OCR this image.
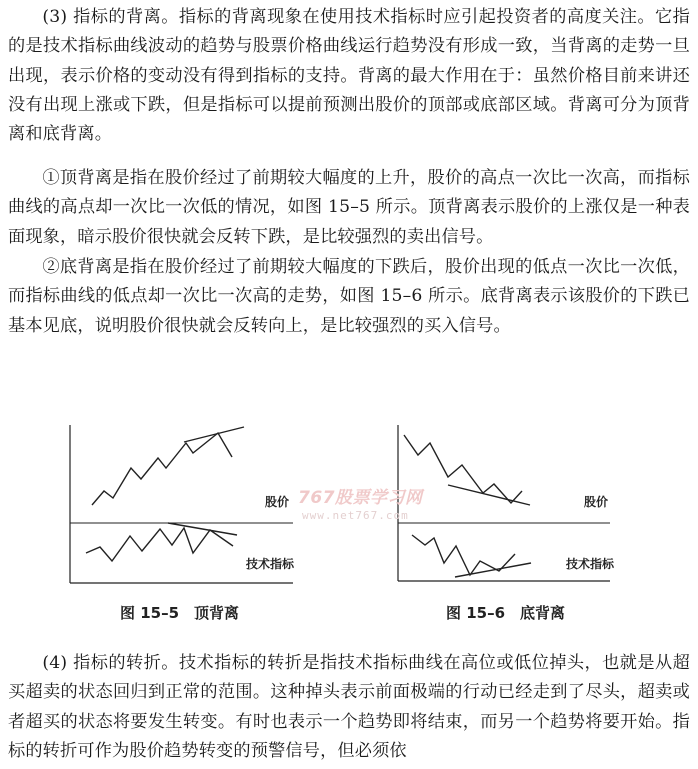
(3) 指标的背离。指标的背离现象在使用技术指标时应引起投资者的高度关注。它指的是技术指标曲线波动的趋势与股票价格曲线运行趋势没有形成一致，当背离的走势一旦出现，表示价格的变动没有得到指标的支持。背离的最大作用在于：虽然价格目前来讲还没有出现上涨或下跌，但是指标可以提前预测出股价的顶部或底部区域。背离可分为顶背离和底背离。

①顶背离是指在股价经过了前期较大幅度的上升，股价的高点一次比一次高，而指标曲线的高点却一次比一次低的情况，如图 15–5 所示。顶背离表示股价的上涨仅是一种表面现象，暗示股价很快就会反转下跌，是比较强烈的卖出信号。

②底背离是指在股价经过了前期较大幅度的下跌后，股价出现的低点一次比一次低，而指标曲线的低点却一次比一次高的走势，如图 15–6 所示。底背离表示该股价的下跌已基本见底，说明股价很快就会反转向上，是比较强烈的买入信号。

股价
技术指标
股价
技术指标
767股票学习网
www.net767.com
图 15–5　顶背离	图 15–6　底背离

(4) 指标的转折。技术指标的转折是指技术指标曲线在高位或低位掉头，也就是从超买超卖的状态回归到正常的范围。这种掉头表示前面极端的行动已经走到了尽头，超卖或者超买的状态将要发生转变。有时也表示一个趋势即将结束，而另一个趋势将要开始。指标的转折可作为股价趋势转变的预警信号，但必须依
